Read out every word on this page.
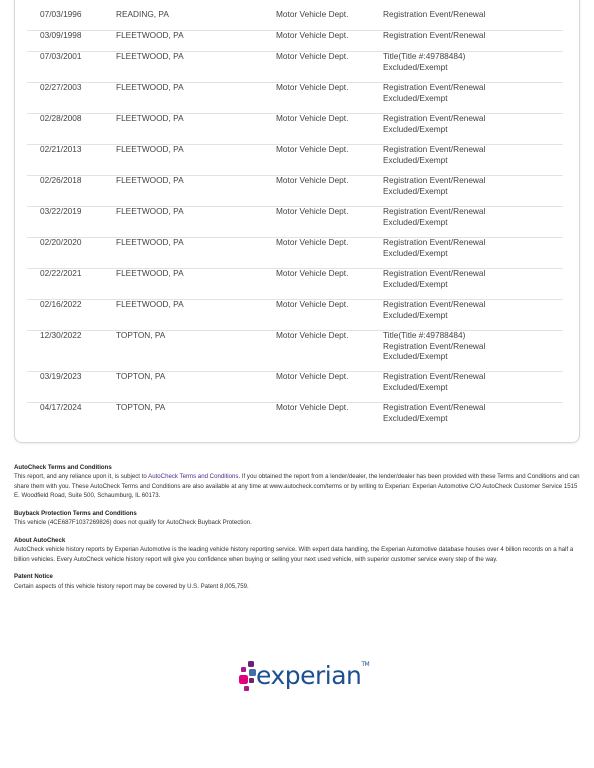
07/03/1996	READING, PA	Motor Vehicle Dept.	Registration Event/Renewal
03/09/1998	FLEETWOOD, PA	Motor Vehicle Dept.	Registration Event/Renewal
07/03/2001	FLEETWOOD, PA	Motor Vehicle Dept.	Title(Title #:49788484)
Excluded/Exempt
02/27/2003	FLEETWOOD, PA	Motor Vehicle Dept.	Registration Event/Renewal
Excluded/Exempt
02/28/2008	FLEETWOOD, PA	Motor Vehicle Dept.	Registration Event/Renewal
Excluded/Exempt
02/21/2013	FLEETWOOD, PA	Motor Vehicle Dept.	Registration Event/Renewal
Excluded/Exempt
02/26/2018	FLEETWOOD, PA	Motor Vehicle Dept.	Registration Event/Renewal
Excluded/Exempt
03/22/2019	FLEETWOOD, PA	Motor Vehicle Dept.	Registration Event/Renewal
Excluded/Exempt
02/20/2020	FLEETWOOD, PA	Motor Vehicle Dept.	Registration Event/Renewal
Excluded/Exempt
02/22/2021	FLEETWOOD, PA	Motor Vehicle Dept.	Registration Event/Renewal
Excluded/Exempt
02/16/2022	FLEETWOOD, PA	Motor Vehicle Dept.	Registration Event/Renewal
Excluded/Exempt
12/30/2022	TOPTON, PA	Motor Vehicle Dept.	Title(Title #:49788484)
Registration Event/Renewal
Excluded/Exempt
03/19/2023	TOPTON, PA	Motor Vehicle Dept.	Registration Event/Renewal
Excluded/Exempt
04/17/2024	TOPTON, PA	Motor Vehicle Dept.	Registration Event/Renewal
Excluded/Exempt
AutoCheck Terms and Conditions
This report, and any reliance upon it, is subject to AutoCheck Terms and Conditions. If you obtained the report from a lender/dealer, the lender/dealer has been provided with these Terms and Conditions and can share them with you. These AutoCheck Terms and Conditions are also available at any time at www.autocheck.com/terms or by writing to Experian: Experian Automotive C/O AutoCheck Customer Service 1515 E. Woodfield Road, Suite 500, Schaumburg, IL 60173.
Buyback Protection Terms and Conditions
This vehicle (4CE687F1037269826) does not qualify for AutoCheck Buyback Protection.
About AutoCheck
AutoCheck vehicle history reports by Experian Automotive is the leading vehicle history reporting service. With expert data handling, the Experian Automotive database houses over 4 billion records on a half a billion vehicles. Every AutoCheck vehicle history report will give you confidence when buying or selling your next used vehicle, with superior customer service every step of the way.
Patent Notice
Certain aspects of this vehicle history report may be covered by U.S. Patent 8,005,759.
experian™
